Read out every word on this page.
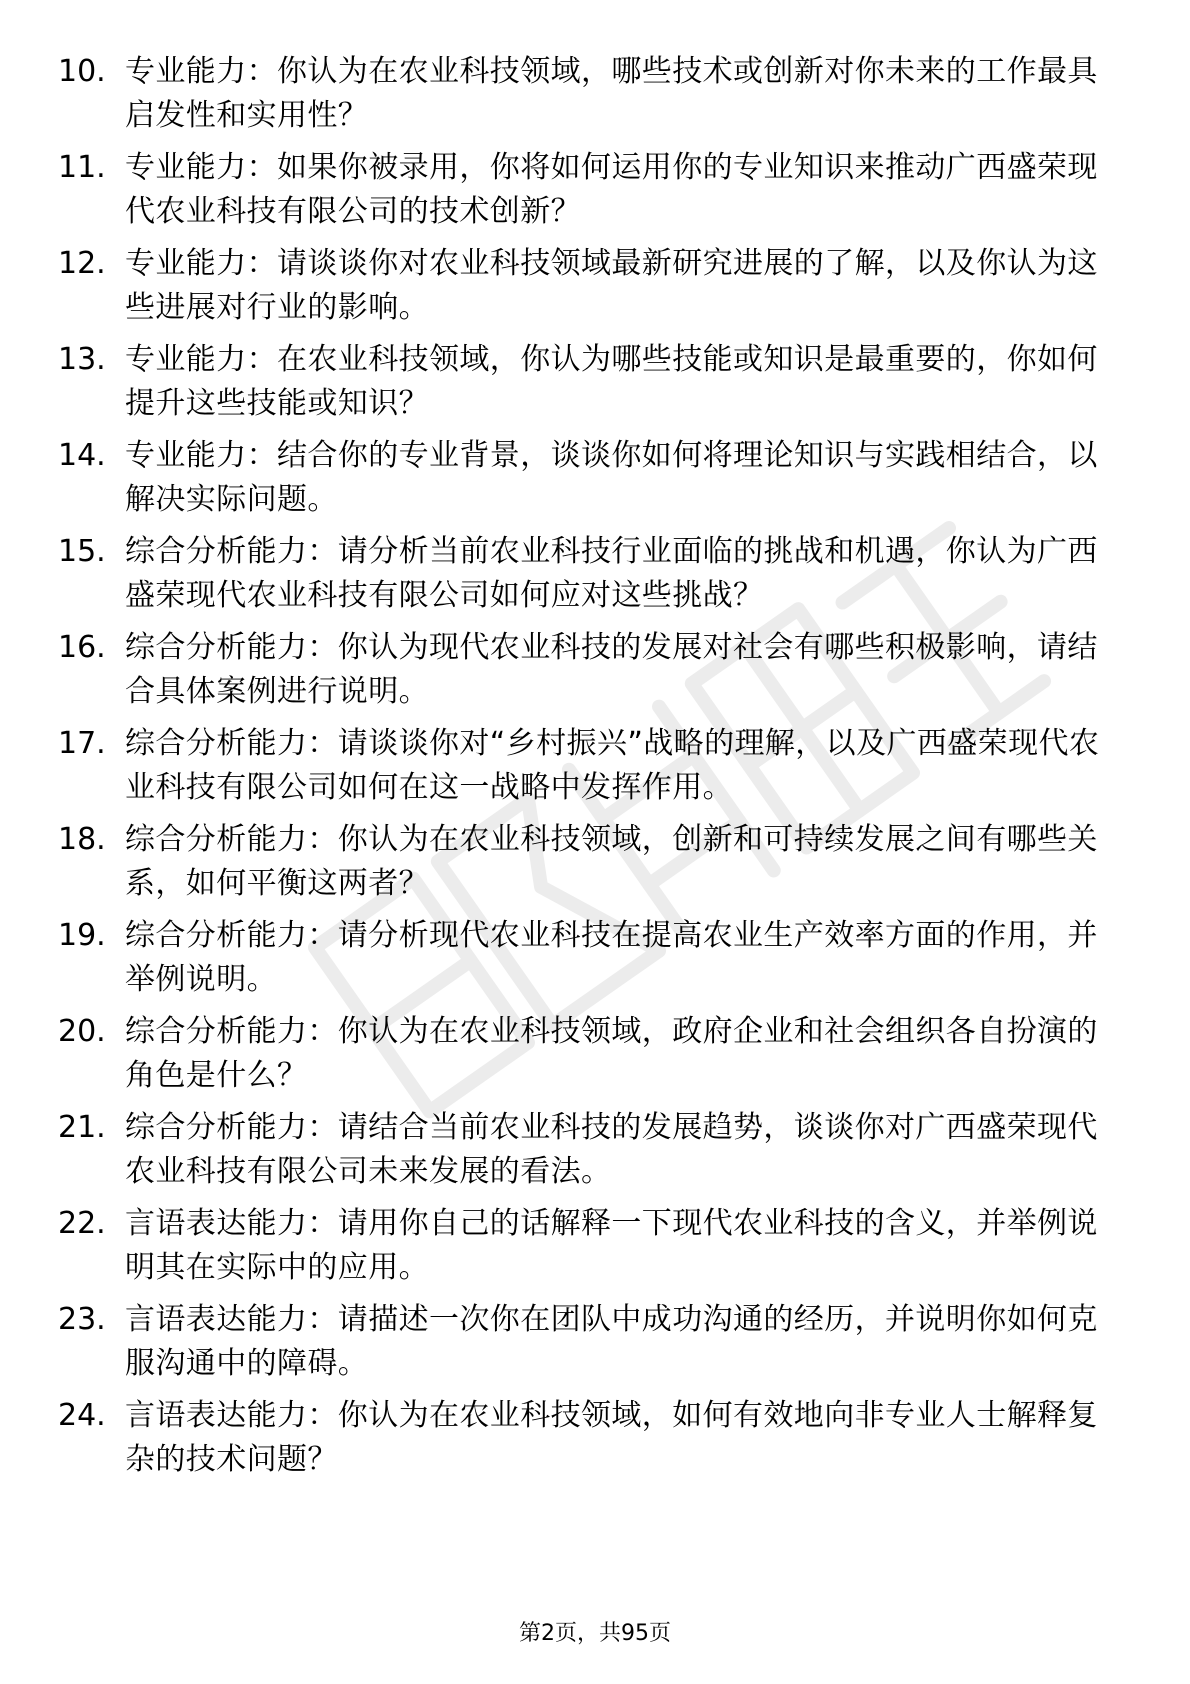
10. 专业能力：你认为在农业科技领域，哪些技术或创新对你未来的工作最具启发性和实用性？
11. 专业能力：如果你被录用，你将如何运用你的专业知识来推动广西盛荣现代农业科技有限公司的技术创新？
12. 专业能力：请谈谈你对农业科技领域最新研究进展的了解，以及你认为这些进展对行业的影响。
13. 专业能力：在农业科技领域，你认为哪些技能或知识是最重要的，你如何提升这些技能或知识？
14. 专业能力：结合你的专业背景，谈谈你如何将理论知识与实践相结合，以解决实际问题。
15. 综合分析能力：请分析当前农业科技行业面临的挑战和机遇，你认为广西盛荣现代农业科技有限公司如何应对这些挑战？
16. 综合分析能力：你认为现代农业科技的发展对社会有哪些积极影响，请结合具体案例进行说明。
17. 综合分析能力：请谈谈你对“乡村振兴”战略的理解，以及广西盛荣现代农业科技有限公司如何在这一战略中发挥作用。
18. 综合分析能力：你认为在农业科技领域，创新和可持续发展之间有哪些关系，如何平衡这两者？
19. 综合分析能力：请分析现代农业科技在提高农业生产效率方面的作用，并举例说明。
20. 综合分析能力：你认为在农业科技领域，政府企业和社会组织各自扮演的角色是什么？
21. 综合分析能力：请结合当前农业科技的发展趋势，谈谈你对广西盛荣现代农业科技有限公司未来发展的看法。
22. 言语表达能力：请用你自己的话解释一下现代农业科技的含义，并举例说明其在实际中的应用。
23. 言语表达能力：请描述一次你在团队中成功沟通的经历，并说明你如何克服沟通中的障碍。
24. 言语表达能力：你认为在农业科技领域，如何有效地向非专业人士解释复杂的技术问题？
第2页，共95页
